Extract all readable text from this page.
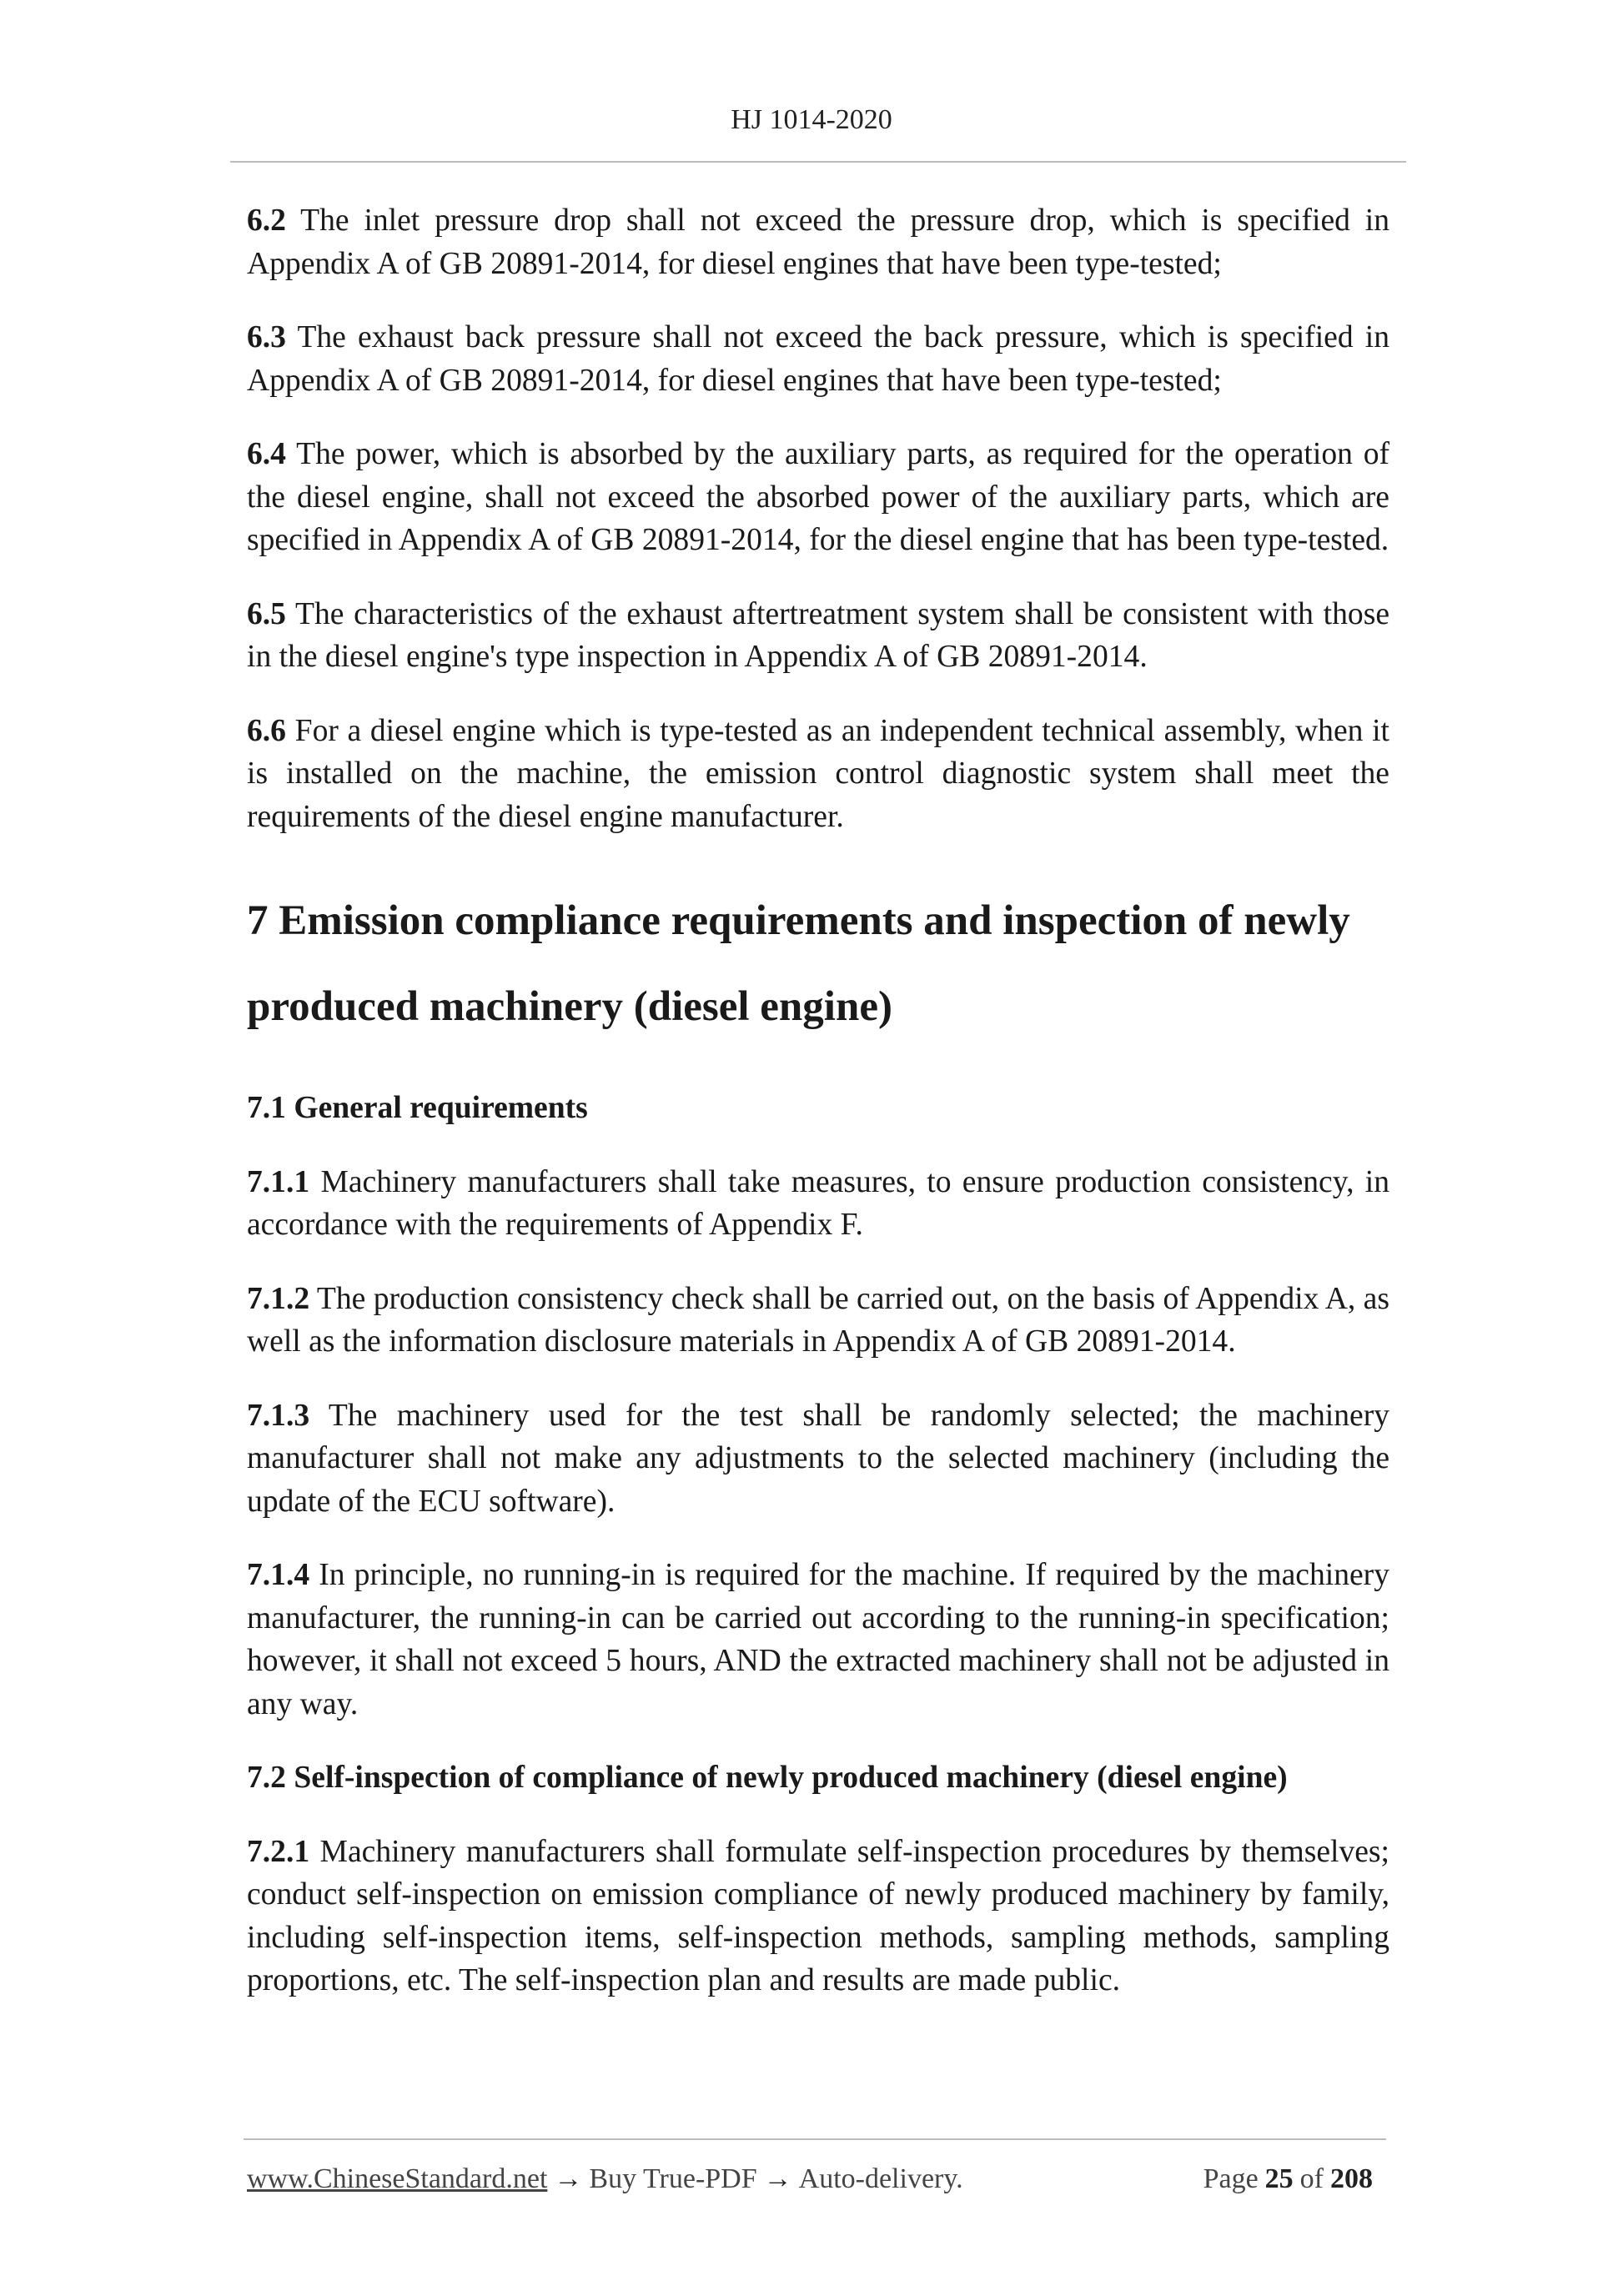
HJ 1014-2020

6.2 The inlet pressure drop shall not exceed the pressure drop, which is specified in Appendix A of GB 20891-2014, for diesel engines that have been type-tested;

6.3 The exhaust back pressure shall not exceed the back pressure, which is specified in Appendix A of GB 20891-2014, for diesel engines that have been type-tested;

6.4 The power, which is absorbed by the auxiliary parts, as required for the operation of the diesel engine, shall not exceed the absorbed power of the auxiliary parts, which are specified in Appendix A of GB 20891-2014, for the diesel engine that has been type-tested.

6.5 The characteristics of the exhaust aftertreatment system shall be consistent with those in the diesel engine's type inspection in Appendix A of GB 20891-2014.

6.6 For a diesel engine which is type-tested as an independent technical assembly, when it is installed on the machine, the emission control diagnostic system shall meet the requirements of the diesel engine manufacturer.

7 Emission compliance requirements and inspection of newly produced machinery (diesel engine)
7.1 General requirements

7.1.1 Machinery manufacturers shall take measures, to ensure production consistency, in accordance with the requirements of Appendix F.

7.1.2 The production consistency check shall be carried out, on the basis of Appendix A, as well as the information disclosure materials in Appendix A of GB 20891-2014.

7.1.3 The machinery used for the test shall be randomly selected; the machinery manufacturer shall not make any adjustments to the selected machinery (including the update of the ECU software).

7.1.4 In principle, no running-in is required for the machine. If required by the machinery manufacturer, the running-in can be carried out according to the running-in specification; however, it shall not exceed 5 hours, AND the extracted machinery shall not be adjusted in any way.

7.2 Self-inspection of compliance of newly produced machinery (diesel engine)

7.2.1 Machinery manufacturers shall formulate self-inspection procedures by themselves; conduct self-inspection on emission compliance of newly produced machinery by family, including self-inspection items, self-inspection methods, sampling methods, sampling proportions, etc. The self-inspection plan and results are made public.

www.ChineseStandard.net → Buy True-PDF → Auto-delivery.	Page 25 of 208
